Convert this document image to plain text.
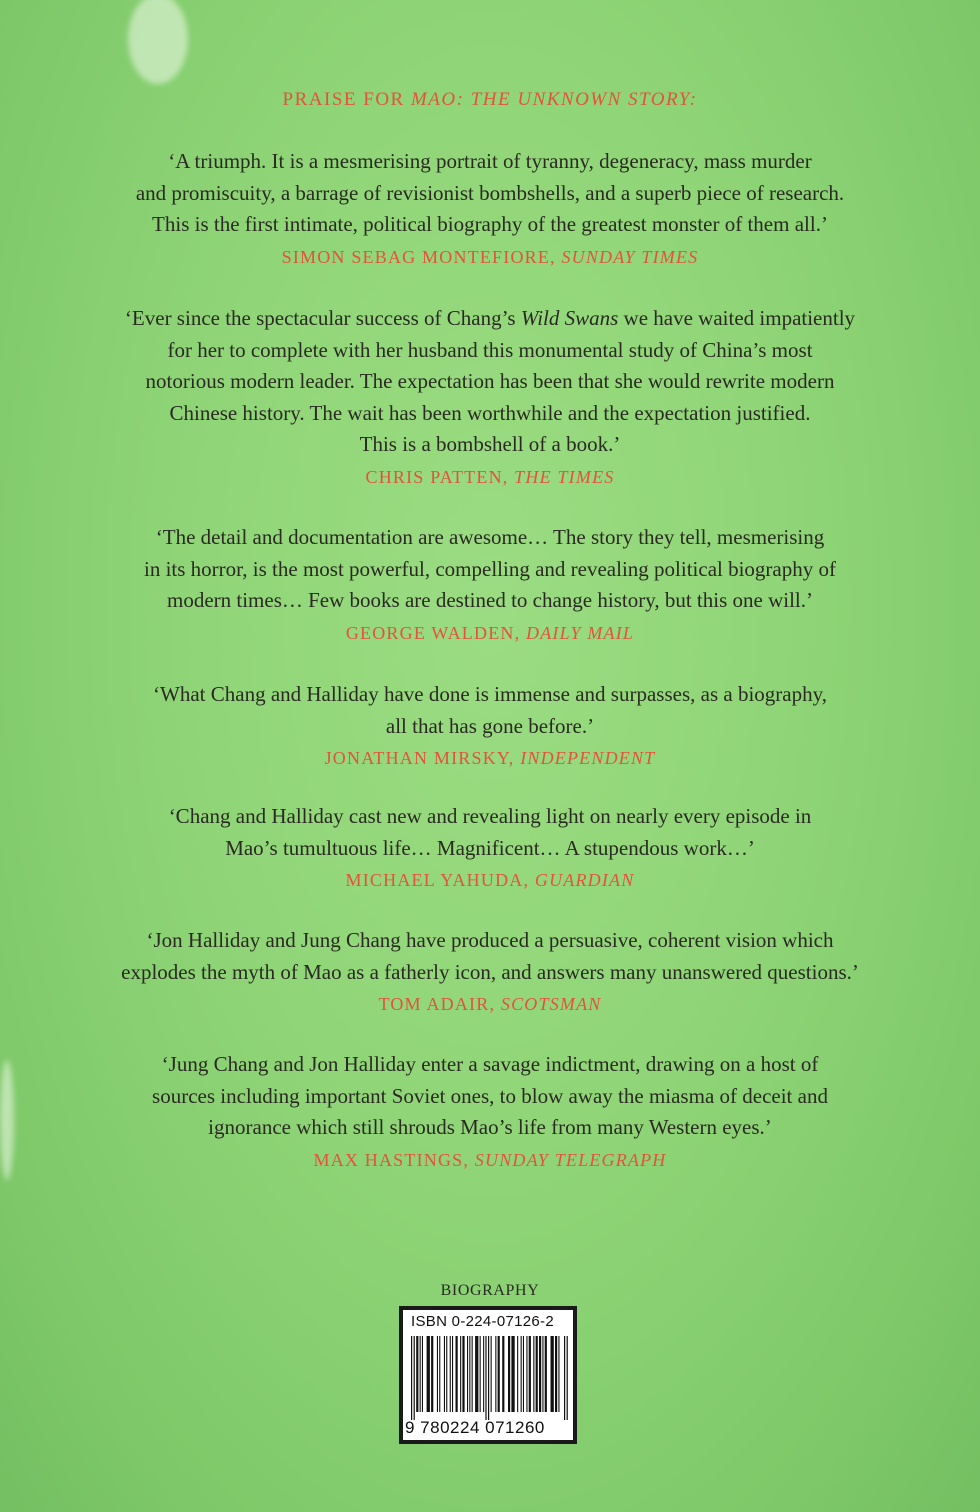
PRAISE FOR MAO: THE UNKNOWN STORY:

‘A triumph. It is a mesmerising portrait of tyranny, degeneracy, mass murder

and promiscuity, a barrage of revisionist bombshells, and a superb piece of research.

This is the first intimate, political biography of the greatest monster of them all.’

SIMON SEBAG MONTEFIORE, SUNDAY TIMES

‘Ever since the spectacular success of Chang’s Wild Swans we have waited impatiently

for her to complete with her husband this monumental study of China’s most

notorious modern leader. The expectation has been that she would rewrite modern

Chinese history. The wait has been worthwhile and the expectation justified.

This is a bombshell of a book.’

CHRIS PATTEN, THE TIMES

‘The detail and documentation are awesome… The story they tell, mesmerising

in its horror, is the most powerful, compelling and revealing political biography of

modern times… Few books are destined to change history, but this one will.’

GEORGE WALDEN, DAILY MAIL

‘What Chang and Halliday have done is immense and surpasses, as a biography,

all that has gone before.’

JONATHAN MIRSKY, INDEPENDENT

‘Chang and Halliday cast new and revealing light on nearly every episode in

Mao’s tumultuous life… Magnificent… A stupendous work…’

MICHAEL YAHUDA, GUARDIAN

‘Jon Halliday and Jung Chang have produced a persuasive, coherent vision which

explodes the myth of Mao as a fatherly icon, and answers many unanswered questions.’

TOM ADAIR, SCOTSMAN

‘Jung Chang and Jon Halliday enter a savage indictment, drawing on a host of

sources including important Soviet ones, to blow away the miasma of deceit and

ignorance which still shrouds Mao’s life from many Western eyes.’

MAX HASTINGS, SUNDAY TELEGRAPH

BIOGRAPHY
ISBN 0-224-07126-2
9 780224 071260
